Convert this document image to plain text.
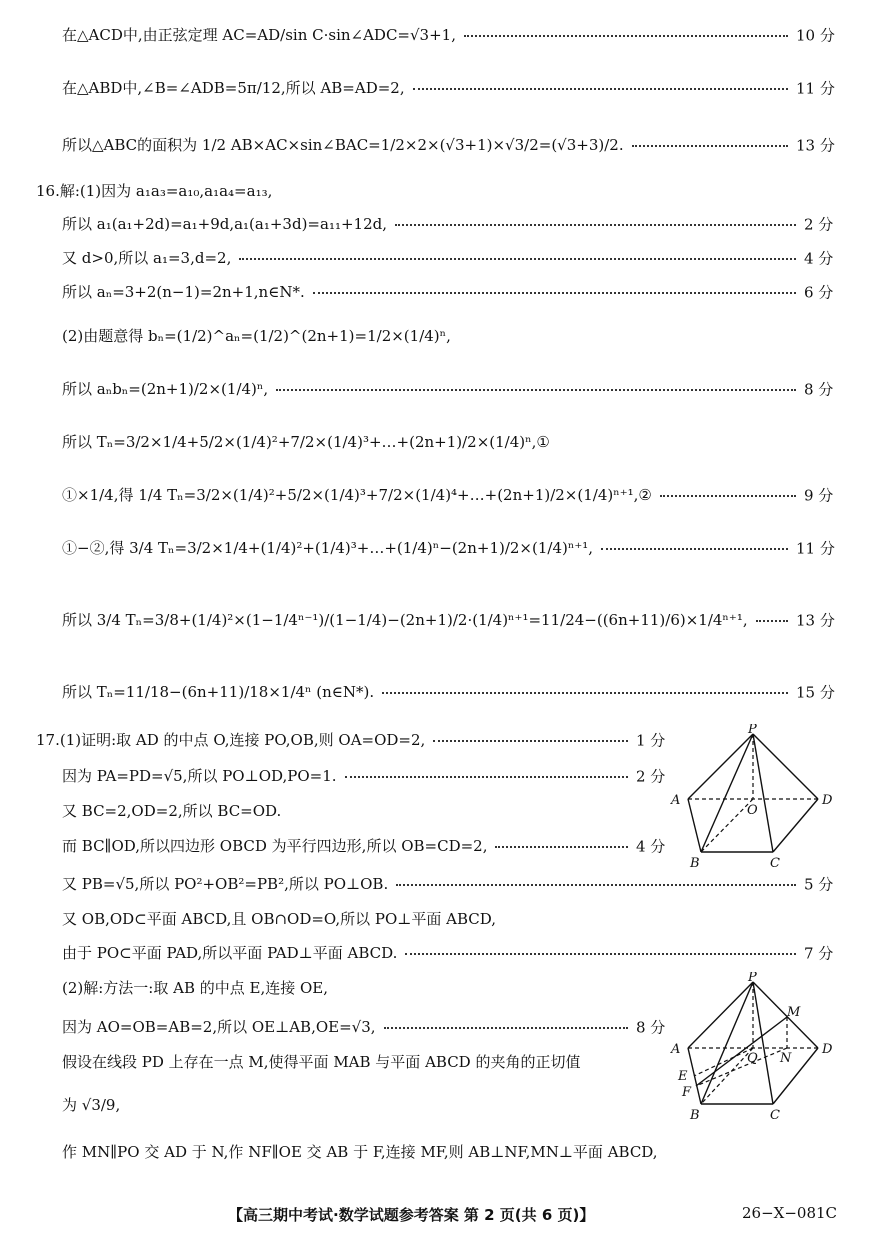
在△ACD中,由正弦定理 AC=AD/sin C·sin∠ADC=√3+1,	10 分
在△ABD中,∠B=∠ADB=5π/12,所以 AB=AD=2,	11 分
所以△ABC的面积为 1/2 AB×AC×sin∠BAC=1/2×2×(√3+1)×√3/2=(√3+3)/2.	13 分
16.解:(1)因为 a₁a₃=a₁₀,a₁a₄=a₁₃,
所以 a₁(a₁+2d)=a₁+9d,a₁(a₁+3d)=a₁₁+12d,	2 分
又 d>0,所以 a₁=3,d=2,	4 分
所以 aₙ=3+2(n−1)=2n+1,n∈N*.	6 分
(2)由题意得 bₙ=(1/2)^aₙ=(1/2)^(2n+1)=1/2×(1/4)ⁿ,
所以 aₙbₙ=(2n+1)/2×(1/4)ⁿ,	8 分
所以 Tₙ=3/2×1/4+5/2×(1/4)²+7/2×(1/4)³+…+(2n+1)/2×(1/4)ⁿ,①
①×1/4,得 1/4 Tₙ=3/2×(1/4)²+5/2×(1/4)³+7/2×(1/4)⁴+…+(2n+1)/2×(1/4)ⁿ⁺¹,②	9 分
①−②,得 3/4 Tₙ=3/2×1/4+(1/4)²+(1/4)³+…+(1/4)ⁿ−(2n+1)/2×(1/4)ⁿ⁺¹,	11 分
所以 3/4 Tₙ=3/8+(1/4)²×(1−1/4ⁿ⁻¹)/(1−1/4)−(2n+1)/2·(1/4)ⁿ⁺¹=11/24−((6n+11)/6)×1/4ⁿ⁺¹,	13 分
所以 Tₙ=11/18−(6n+11)/18×1/4ⁿ (n∈N*).	15 分
17.(1)证明:取 AD 的中点 O,连接 PO,OB,则 OA=OD=2,	1 分
因为 PA=PD=√5,所以 PO⊥OD,PO=1.	2 分
又 BC=2,OD=2,所以 BC=OD.
而 BC∥OD,所以四边形 OBCD 为平行四边形,所以 OB=CD=2,	4 分
又 PB=√5,所以 PO²+OB²=PB²,所以 PO⊥OB.	5 分
又 OB,OD⊂平面 ABCD,且 OB∩OD=O,所以 PO⊥平面 ABCD,
由于 PO⊂平面 PAD,所以平面 PAD⊥平面 ABCD.	7 分
(2)解:方法一:取 AB 的中点 E,连接 OE,
因为 AO=OB=AB=2,所以 OE⊥AB,OE=√3,	8 分
假设在线段 PD 上存在一点 M,使得平面 MAB 与平面 ABCD 的夹角的正切值
为 √3/9,
作 MN∥PO 交 AD 于 N,作 NF∥OE 交 AB 于 F,连接 MF,则 AB⊥NF,MN⊥平面 ABCD,
P
A
O
D
B	C
P
M
A
Q N
D
E
F
B	C
【高三期中考试·数学试题参考答案 第 2 页(共 6 页)】	26−X−081C
